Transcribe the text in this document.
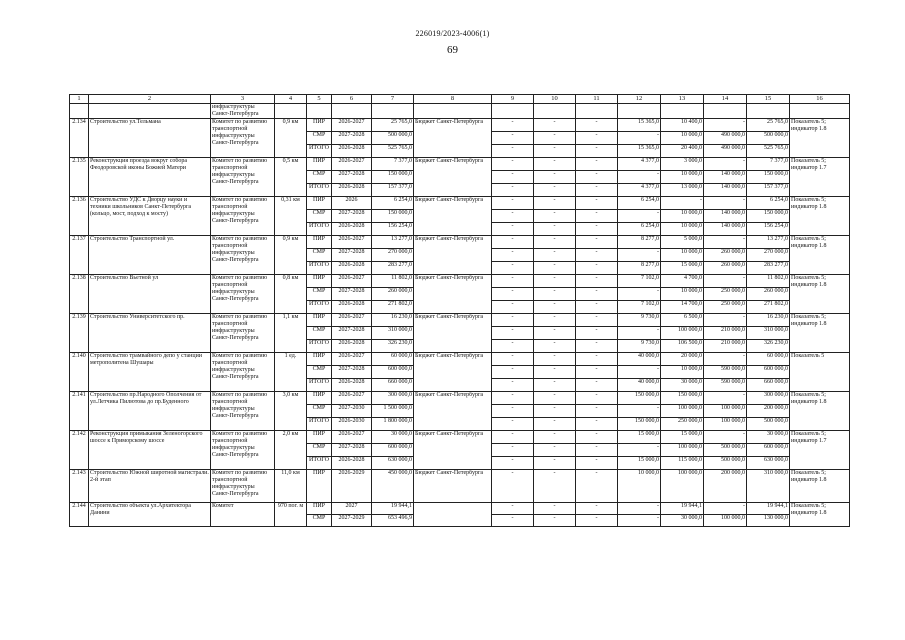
226019/2023-4006(1)
69
1	2	3	4	5	6	7	8	9	10	11	12	13	14	15	16
		инфраструктуры Санкт-Петербурга													
2.134	Строительство ул.Тельмана	Комитет по развитию транспортной инфраструктуры Санкт-Петербурга	0,9 км	ПИР	2026-2027	25 765,0	Бюджет Санкт-Петербурга	-	-	-	15 365,0	10 400,0	-	25 765,0	Показатель 5; индикатор 1.8
				СМР	2027-2028	500 000,0		-	-	-	-	10 000,0	490 000,0	500 000,0	
				ИТОГО	2026-2028	525 765,0		-	-	-	15 365,0	20 400,0	490 000,0	525 765,0	
2.135	Реконструкция проезда вокруг собора Феодоровской иконы Божией Матери	Комитет по развитию транспортной инфраструктуры Санкт-Петербурга	0,5 км	ПИР	2026-2027	7 377,0	Бюджет Санкт-Петербурга	-	-	-	4 377,0	3 000,0	-	7 377,0	Показатель 5; индикатор 1.7
				СМР	2027-2028	150 000,0		-	-	-	-	10 000,0	140 000,0	150 000,0	
				ИТОГО	2026-2028	157 377,0		-	-	-	4 377,0	13 000,0	140 000,0	157 377,0	
2.136	Строительство УДС к Дворцу науки и техники школьников Санкт-Петербурга (кольцо, мост, подход к мосту)	Комитет по развитию транспортной инфраструктуры Санкт-Петербурга	0,31 км	ПИР	2026	6 254,0	Бюджет Санкт-Петербурга	-	-	-	6 254,0	-	-	6 254,0	Показатель 5; индикатор 1.8
				СМР	2027-2028	150 000,0		-	-	-	-	10 000,0	140 000,0	150 000,0	
				ИТОГО	2026-2028	156 254,0		-	-	-	6 254,0	10 000,0	140 000,0	156 254,0	
2.137	Строительство Транспортной ул.	Комитет по развитию транспортной инфраструктуры Санкт-Петербурга	0,9 км	ПИР	2026-2027	13 277,0	Бюджет Санкт-Петербурга	-	-	-	8 277,0	5 000,0	-	13 277,0	Показатель 5; индикатор 1.8
				СМР	2027-2028	270 000,0		-	-	-	-	10 000,0	260 000,0	270 000,0	
				ИТОГО	2026-2028	283 277,0		-	-	-	8 277,0	15 000,0	260 000,0	283 277,0	
2.138	Строительство Вьетной ул	Комитет по развитию транспортной инфраструктуры Санкт-Петербурга	0,8 км	ПИР	2026-2027	11 802,0	Бюджет Санкт-Петербурга	-	-	-	7 102,0	4 700,0	-	11 802,0	Показатель 5; индикатор 1.8
				СМР	2027-2028	260 000,0		-	-	-	-	10 000,0	250 000,0	260 000,0	
				ИТОГО	2026-2028	271 802,0		-	-	-	7 102,0	14 700,0	250 000,0	271 802,0	
2.139	Строительство Университетского пр.	Комитет по развитию транспортной инфраструктуры Санкт-Петербурга	1,1 км	ПИР	2026-2027	16 230,0	Бюджет Санкт-Петербурга	-	-	-	9 730,0	6 500,0	-	16 230,0	Показатель 5; индикатор 1.8
				СМР	2027-2028	310 000,0		-	-	-	-	100 000,0	210 000,0	310 000,0	
				ИТОГО	2026-2028	326 230,0		-	-	-	9 730,0	106 500,0	210 000,0	326 230,0	
2.140	Строительство трамвайного депо у станции метрополитена Шушары	Комитет по развитию транспортной инфраструктуры Санкт-Петербурга	1 ед.	ПИР	2026-2027	60 000,0	Бюджет Санкт-Петербурга	-	-	-	40 000,0	20 000,0	-	60 000,0	Показатель 5
				СМР	2027-2028	600 000,0		-	-	-	-	10 000,0	590 000,0	600 000,0	
				ИТОГО	2026-2028	660 000,0		-	-	-	40 000,0	30 000,0	590 000,0	660 000,0	
2.141	Строительство пр.Народного Ополчения от ул.Летчика Пилютова до пр.Буденного	Комитет по развитию транспортной инфраструктуры Санкт-Петербурга	3,0 км	ПИР	2026-2027	300 000,0	Бюджет Санкт-Петербурга	-	-	-	150 000,0	150 000,0	-	300 000,0	Показатель 5; индикатор 1.8
				СМР	2027-2030	1 500 000,0		-	-	-	-	100 000,0	100 000,0	200 000,0	
				ИТОГО	2026-2030	1 800 000,0		-	-	-	150 000,0	250 000,0	100 000,0	500 000,0	
2.142	Реконструкция примыкания Зеленогорского шоссе к Приморскому шоссе	Комитет по развитию транспортной инфраструктуры Санкт-Петербурга	2,0 км	ПИР	2026-2027	30 000,0	Бюджет Санкт-Петербурга	-	-	-	15 000,0	15 000,0	-	30 000,0	Показатель 5; индикатор 1.7
				СМР	2027-2028	600 000,0		-	-	-	-	100 000,0	500 000,0	600 000,0	
				ИТОГО	2026-2028	630 000,0		-	-	-	15 000,0	115 000,0	500 000,0	630 000,0	
2.143	Строительство Южной широтной магистрали. 2-й этап	Комитет по развитию транспортной инфраструктуры Санкт-Петербурга	11,0 км	ПИР	2026-2029	450 000,0	Бюджет Санкт-Петербурга	-	-	-	10 000,0	100 000,0	200 000,0	310 000,0	Показатель 5; индикатор 1.8
2.144	Строительство объекта ул.Архитектора Данини	Комитет	970 пог. м	ПИР	2027	19 944,1		-	-	-	-	19 944,1	-	19 944,1	Показатель 5; индикатор 1.8
				СМР	2027-2029	653 496,9		-	-	-	-	30 000,0	100 000,0	130 000,0	
